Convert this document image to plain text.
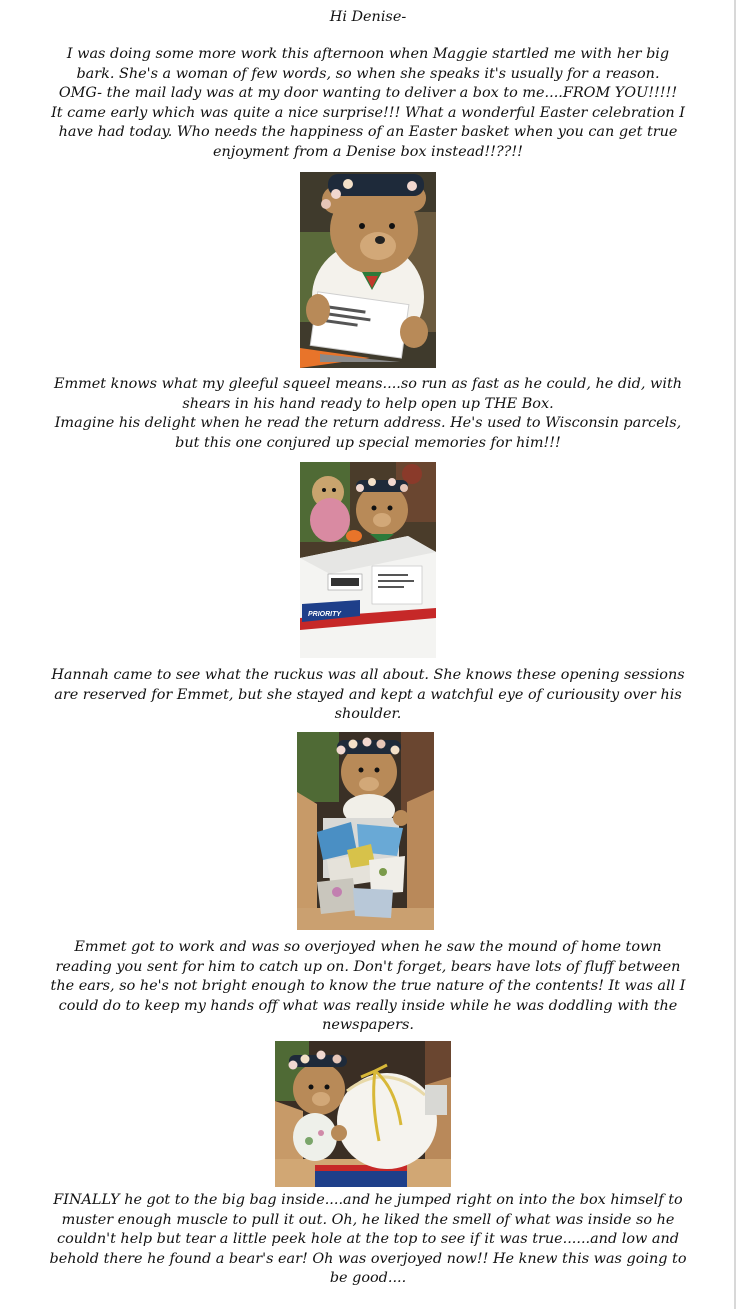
Hi Denise-
I was doing some more work this afternoon when Maggie startled me with her big
bark. She's a woman of few words, so when she speaks it's usually for a reason.
OMG- the mail lady was at my door wanting to deliver a box to me....FROM YOU!!!!!
It came early which was quite a nice surprise!!! What a wonderful Easter celebration I
have had today. Who needs the happiness of an Easter basket when you can get true
enjoyment from a Denise box instead!!??!!
Emmet knows what my gleeful squeel means....so run as fast as he could, he did, with
shears in his hand ready to help open up THE Box.
Imagine his delight when he read the return address. He's used to Wisconsin parcels,
but this one conjured up special memories for him!!!
PRIORITY
Hannah came to see what the ruckus was all about. She knows these opening sessions
are reserved for Emmet, but she stayed and kept a watchful eye of curiousity over his
shoulder.
Emmet got to work and was so overjoyed when he saw the mound of home town
reading you sent for him to catch up on. Don't forget, bears have lots of fluff between
the ears, so he's not bright enough to know the true nature of the contents! It was all I
could do to keep my hands off what was really inside while he was doddling with the
newspapers.
FINALLY he got to the big bag inside....and he jumped right on into the box himself to
muster enough muscle to pull it out. Oh, he liked the smell of what was inside so he
couldn't help but tear a little peek hole at the top to see if it was true......and low and
behold there he found a bear's ear! Oh was overjoyed now!! He knew this was going to
be good....
